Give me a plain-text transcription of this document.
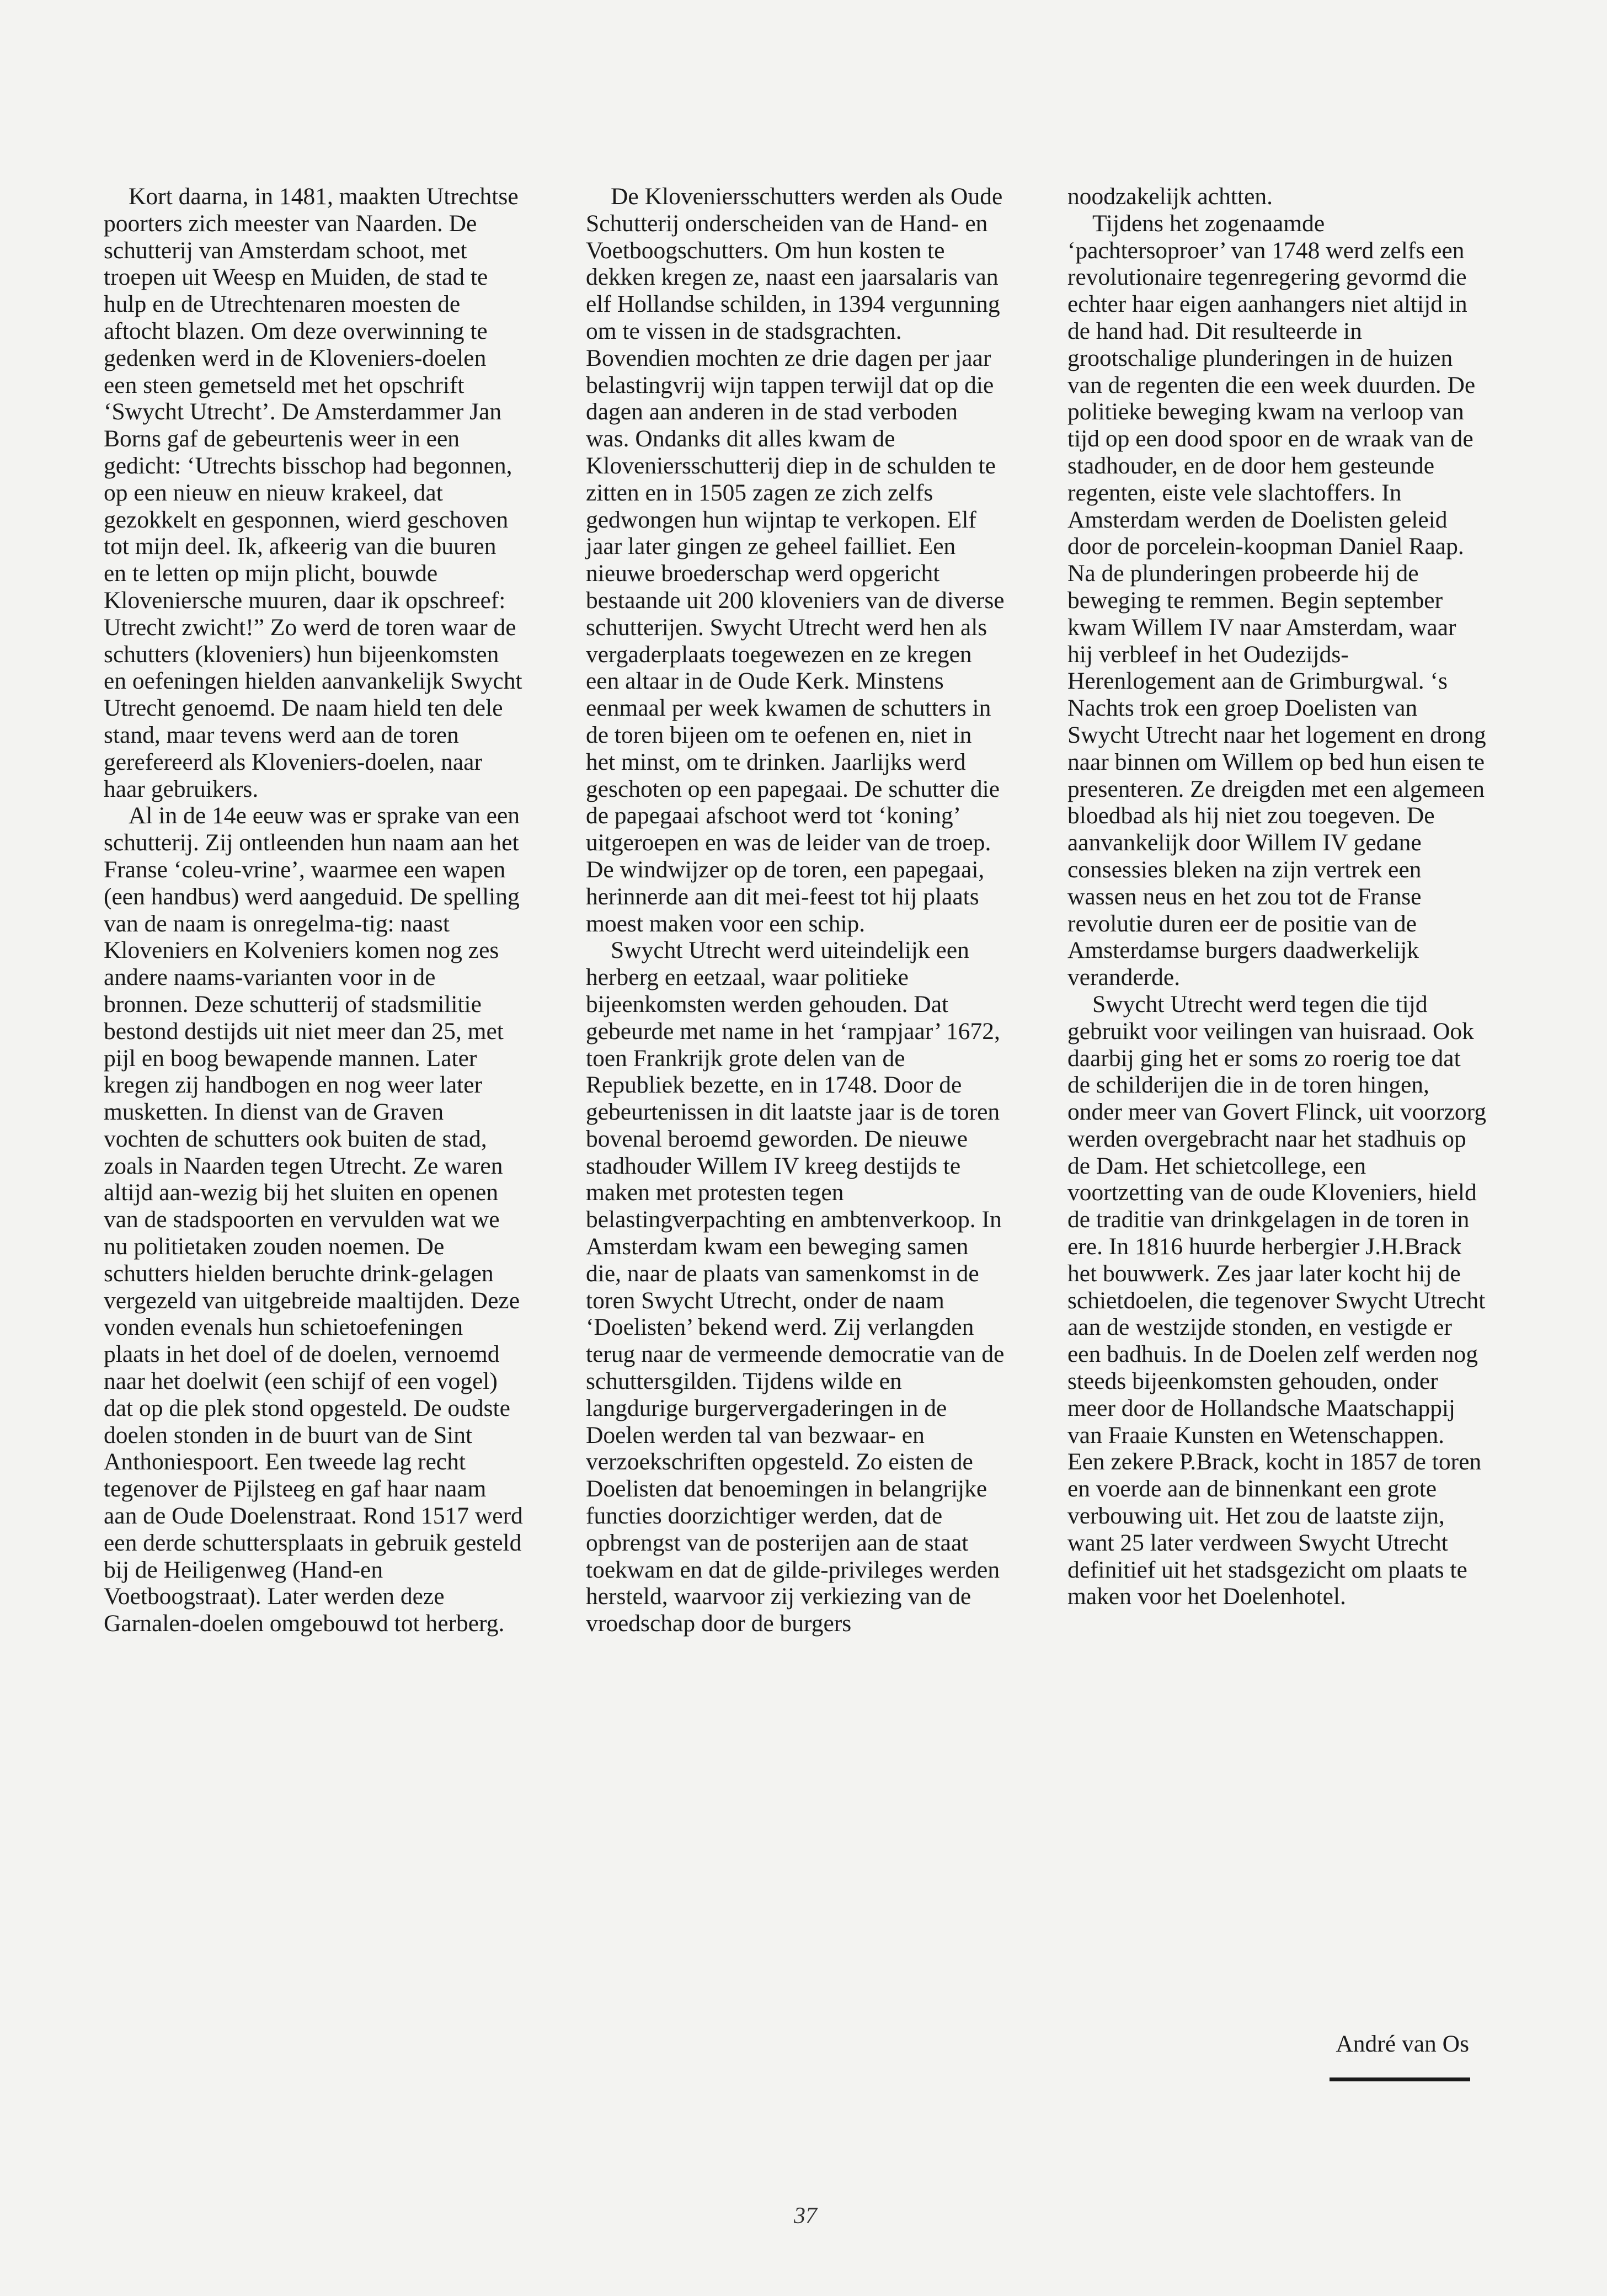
Kort daarna, in 1481, maakten Utrechtse poorters zich meester van Naarden. De schutterij van Amsterdam schoot, met troepen uit Weesp en Muiden, de stad te hulp en de Utrechtenaren moesten de aftocht blazen. Om deze overwinning te gedenken werd in de Kloveniers-doelen een steen gemetseld met het opschrift ‘Swycht Utrecht’. De Amsterdammer Jan Borns gaf de gebeurtenis weer in een gedicht: ‘Utrechts bisschop had begonnen, op een nieuw en nieuw krakeel, dat gezokkelt en gesponnen, wierd geschoven tot mijn deel. Ik, afkeerig van die buuren en te letten op mijn plicht, bouwde Kloveniersche muuren, daar ik opschreef: Utrecht zwicht!” Zo werd de toren waar de schutters (kloveniers) hun bijeenkomsten en oefeningen hielden aanvankelijk Swycht Utrecht genoemd. De naam hield ten dele stand, maar tevens werd aan de toren gerefereerd als Kloveniers-doelen, naar haar gebruikers.

Al in de 14e eeuw was er sprake van een schutterij. Zij ontleenden hun naam aan het Franse ‘coleu-vrine’, waarmee een wapen (een handbus) werd aangeduid. De spelling van de naam is onregelma-tig: naast Kloveniers en Kolveniers komen nog zes andere naams-varianten voor in de bronnen. Deze schutterij of stadsmilitie bestond destijds uit niet meer dan 25, met pijl en boog bewapende mannen. Later kregen zij handbogen en nog weer later musketten. In dienst van de Graven vochten de schutters ook buiten de stad, zoals in Naarden tegen Utrecht. Ze waren altijd aan-wezig bij het sluiten en openen van de stadspoorten en vervulden wat we nu politietaken zouden noemen. De schutters hielden beruchte drink-gelagen vergezeld van uitgebreide maaltijden. Deze vonden evenals hun schietoefeningen plaats in het doel of de doelen, vernoemd naar het doelwit (een schijf of een vogel) dat op die plek stond opgesteld. De oudste doelen stonden in de buurt van de Sint Anthoniespoort. Een tweede lag recht tegenover de Pijlsteeg en gaf haar naam aan de Oude Doelenstraat. Rond 1517 werd een derde schuttersplaats in gebruik gesteld bij de Heiligenweg (Hand-en Voetboogstraat). Later werden deze Garnalen-doelen omgebouwd tot herberg.

De Kloveniersschutters werden als Oude Schutterij onderscheiden van de Hand- en Voetboogschutters. Om hun kosten te dekken kregen ze, naast een jaarsalaris van elf Hollandse schilden, in 1394 vergunning om te vissen in de stadsgrachten. Bovendien mochten ze drie dagen per jaar belastingvrij wijn tappen terwijl dat op die dagen aan anderen in de stad verboden was. Ondanks dit alles kwam de Kloveniersschutterij diep in de schulden te zitten en in 1505 zagen ze zich zelfs gedwongen hun wijntap te verkopen. Elf jaar later gingen ze geheel failliet. Een nieuwe broederschap werd opgericht bestaande uit 200 kloveniers van de diverse schutterijen. Swycht Utrecht werd hen als vergaderplaats toegewezen en ze kregen een altaar in de Oude Kerk. Minstens eenmaal per week kwamen de schutters in de toren bijeen om te oefenen en, niet in het minst, om te drinken. Jaarlijks werd geschoten op een papegaai. De schutter die de papegaai afschoot werd tot ‘koning’ uitgeroepen en was de leider van de troep. De windwijzer op de toren, een papegaai, herinnerde aan dit mei-feest tot hij plaats moest maken voor een schip.

Swycht Utrecht werd uiteindelijk een herberg en eetzaal, waar politieke bijeenkomsten werden gehouden. Dat gebeurde met name in het ‘rampjaar’ 1672, toen Frankrijk grote delen van de Republiek bezette, en in 1748. Door de gebeurtenissen in dit laatste jaar is de toren bovenal beroemd geworden. De nieuwe stadhouder Willem IV kreeg destijds te maken met protesten tegen belastingverpachting en ambtenverkoop. In Amsterdam kwam een beweging samen die, naar de plaats van samenkomst in de toren Swycht Utrecht, onder de naam ‘Doelisten’ bekend werd. Zij verlangden terug naar de vermeende democratie van de schuttersgilden. Tijdens wilde en langdurige burgervergaderingen in de Doelen werden tal van bezwaar- en verzoekschriften opgesteld. Zo eisten de Doelisten dat benoemingen in belangrijke functies doorzichtiger werden, dat de opbrengst van de posterijen aan de staat toekwam en dat de gilde-privileges werden hersteld, waarvoor zij verkiezing van de vroedschap door de burgers

noodzakelijk achtten.

Tijdens het zogenaamde ‘pachtersoproer’ van 1748 werd zelfs een revolutionaire tegenregering gevormd die echter haar eigen aanhangers niet altijd in de hand had. Dit resulteerde in grootschalige plunderingen in de huizen van de regenten die een week duurden. De politieke beweging kwam na verloop van tijd op een dood spoor en de wraak van de stadhouder, en de door hem gesteunde regenten, eiste vele slachtoffers. In Amsterdam werden de Doelisten geleid door de porcelein-koopman Daniel Raap. Na de plunderingen probeerde hij de beweging te remmen. Begin september kwam Willem IV naar Amsterdam, waar hij verbleef in het Oudezijds-Herenlogement aan de Grimburgwal. ‘s Nachts trok een groep Doelisten van Swycht Utrecht naar het logement en drong naar binnen om Willem op bed hun eisen te presenteren. Ze dreigden met een algemeen bloedbad als hij niet zou toegeven. De aanvankelijk door Willem IV gedane consessies bleken na zijn vertrek een wassen neus en het zou tot de Franse revolutie duren eer de positie van de Amsterdamse burgers daadwerkelijk veranderde.

Swycht Utrecht werd tegen die tijd gebruikt voor veilingen van huisraad. Ook daarbij ging het er soms zo roerig toe dat de schilderijen die in de toren hingen, onder meer van Govert Flinck, uit voorzorg werden overgebracht naar het stadhuis op de Dam. Het schietcollege, een voortzetting van de oude Kloveniers, hield de traditie van drinkgelagen in de toren in ere. In 1816 huurde herbergier J.H.Brack het bouwwerk. Zes jaar later kocht hij de schietdoelen, die tegenover Swycht Utrecht aan de westzijde stonden, en vestigde er een badhuis. In de Doelen zelf werden nog steeds bijeenkomsten gehouden, onder meer door de Hollandsche Maatschappij van Fraaie Kunsten en Wetenschappen. Een zekere P.Brack, kocht in 1857 de toren en voerde aan de binnenkant een grote verbouwing uit. Het zou de laatste zijn, want 25 later verdween Swycht Utrecht definitief uit het stadsgezicht om plaats te maken voor het Doelenhotel.

André van Os
37
